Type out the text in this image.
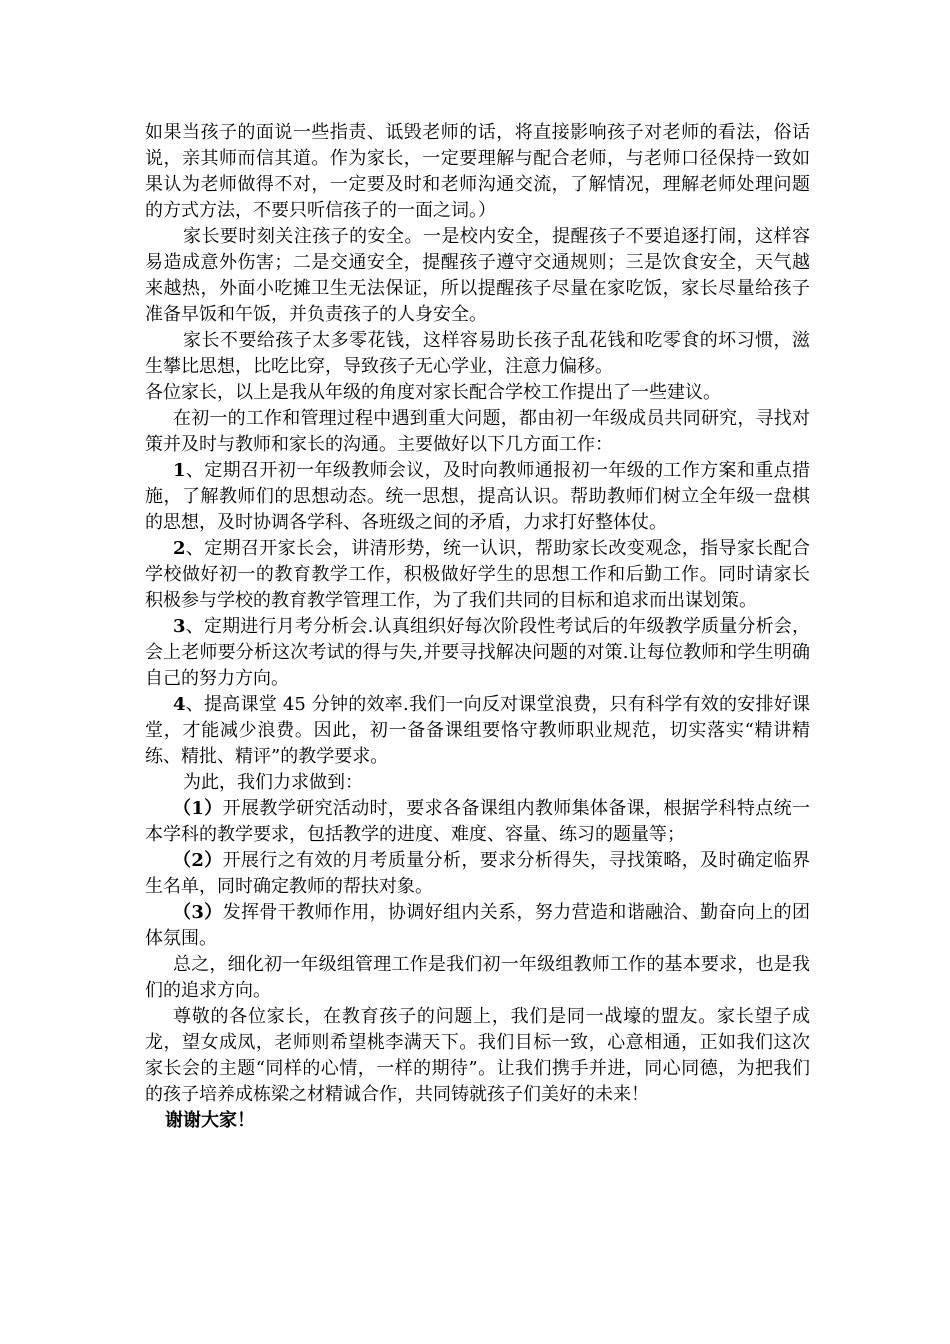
如果当孩子的面说一些指责、诋毁老师的话，将直接影响孩子对老师的看法，俗话说，亲其师而信其道。作为家长，一定要理解与配合老师，与老师口径保持一致如果认为老师做得不对，一定要及时和老师沟通交流，了解情况，理解老师处理问题的方式方法，不要只听信孩子的一面之词。）

家长要时刻关注孩子的安全。一是校内安全，提醒孩子不要追逐打闹，这样容易造成意外伤害；二是交通安全，提醒孩子遵守交通规则；三是饮食安全，天气越来越热，外面小吃摊卫生无法保证，所以提醒孩子尽量在家吃饭，家长尽量给孩子准备早饭和午饭，并负责孩子的人身安全。

家长不要给孩子太多零花钱，这样容易助长孩子乱花钱和吃零食的坏习惯，滋生攀比思想，比吃比穿，导致孩子无心学业，注意力偏移。

各位家长，以上是我从年级的角度对家长配合学校工作提出了一些建议。

在初一的工作和管理过程中遇到重大问题，都由初一年级成员共同研究，寻找对策并及时与教师和家长的沟通。主要做好以下几方面工作：

1、定期召开初一年级教师会议，及时向教师通报初一年级的工作方案和重点措施，了解教师们的思想动态。统一思想，提高认识。帮助教师们树立全年级一盘棋的思想，及时协调各学科、各班级之间的矛盾，力求打好整体仗。

2、定期召开家长会，讲清形势，统一认识，帮助家长改变观念，指导家长配合学校做好初一的教育教学工作，积极做好学生的思想工作和后勤工作。同时请家长积极参与学校的教育教学管理工作，为了我们共同的目标和追求而出谋划策。

3、定期进行月考分析会.认真组织好每次阶段性考试后的年级教学质量分析会，会上老师要分析这次考试的得与失,并要寻找解决问题的对策.让每位教师和学生明确自己的努力方向。

4、提高课堂 45 分钟的效率.我们一向反对课堂浪费，只有科学有效的安排好课堂，才能减少浪费。因此，初一备备课组要恪守教师职业规范，切实落实“精讲精练、精批、精评”的教学要求。

为此，我们力求做到：

（1）开展教学研究活动时，要求各备课组内教师集体备课，根据学科特点统一本学科的教学要求，包括教学的进度、难度、容量、练习的题量等；

（2）开展行之有效的月考质量分析，要求分析得失，寻找策略，及时确定临界生名单，同时确定教师的帮扶对象。

（3）发挥骨干教师作用，协调好组内关系，努力营造和谐融洽、勤奋向上的团体氛围。

总之，细化初一年级组管理工作是我们初一年级组教师工作的基本要求，也是我们的追求方向。

尊敬的各位家长，在教育孩子的问题上，我们是同一战壕的盟友。家长望子成龙，望女成凤，老师则希望桃李满天下。我们目标一致，心意相通，正如我们这次家长会的主题“同样的心情，一样的期待”。让我们携手并进，同心同德，为把我们的孩子培养成栋梁之材精诚合作，共同铸就孩子们美好的未来！

谢谢大家！
